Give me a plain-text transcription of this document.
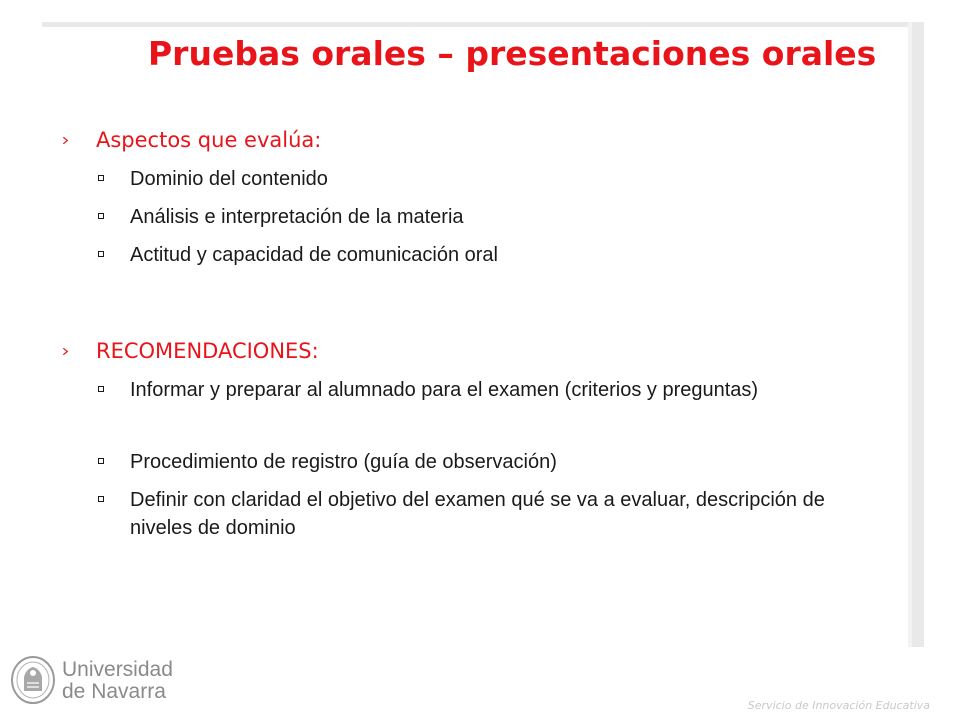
Pruebas orales – presentaciones orales
Aspectos que evalúa:
Dominio del contenido
Análisis e interpretación de la materia
Actitud y capacidad de comunicación oral
RECOMENDACIONES:
Informar y preparar al alumnado para el examen (criterios y preguntas)
Procedimiento de registro (guía de observación)
Definir con claridad el objetivo del examen qué se va a evaluar, descripción de niveles de dominio
Universidad
de Navarra
Servicio de Innovación Educativa
